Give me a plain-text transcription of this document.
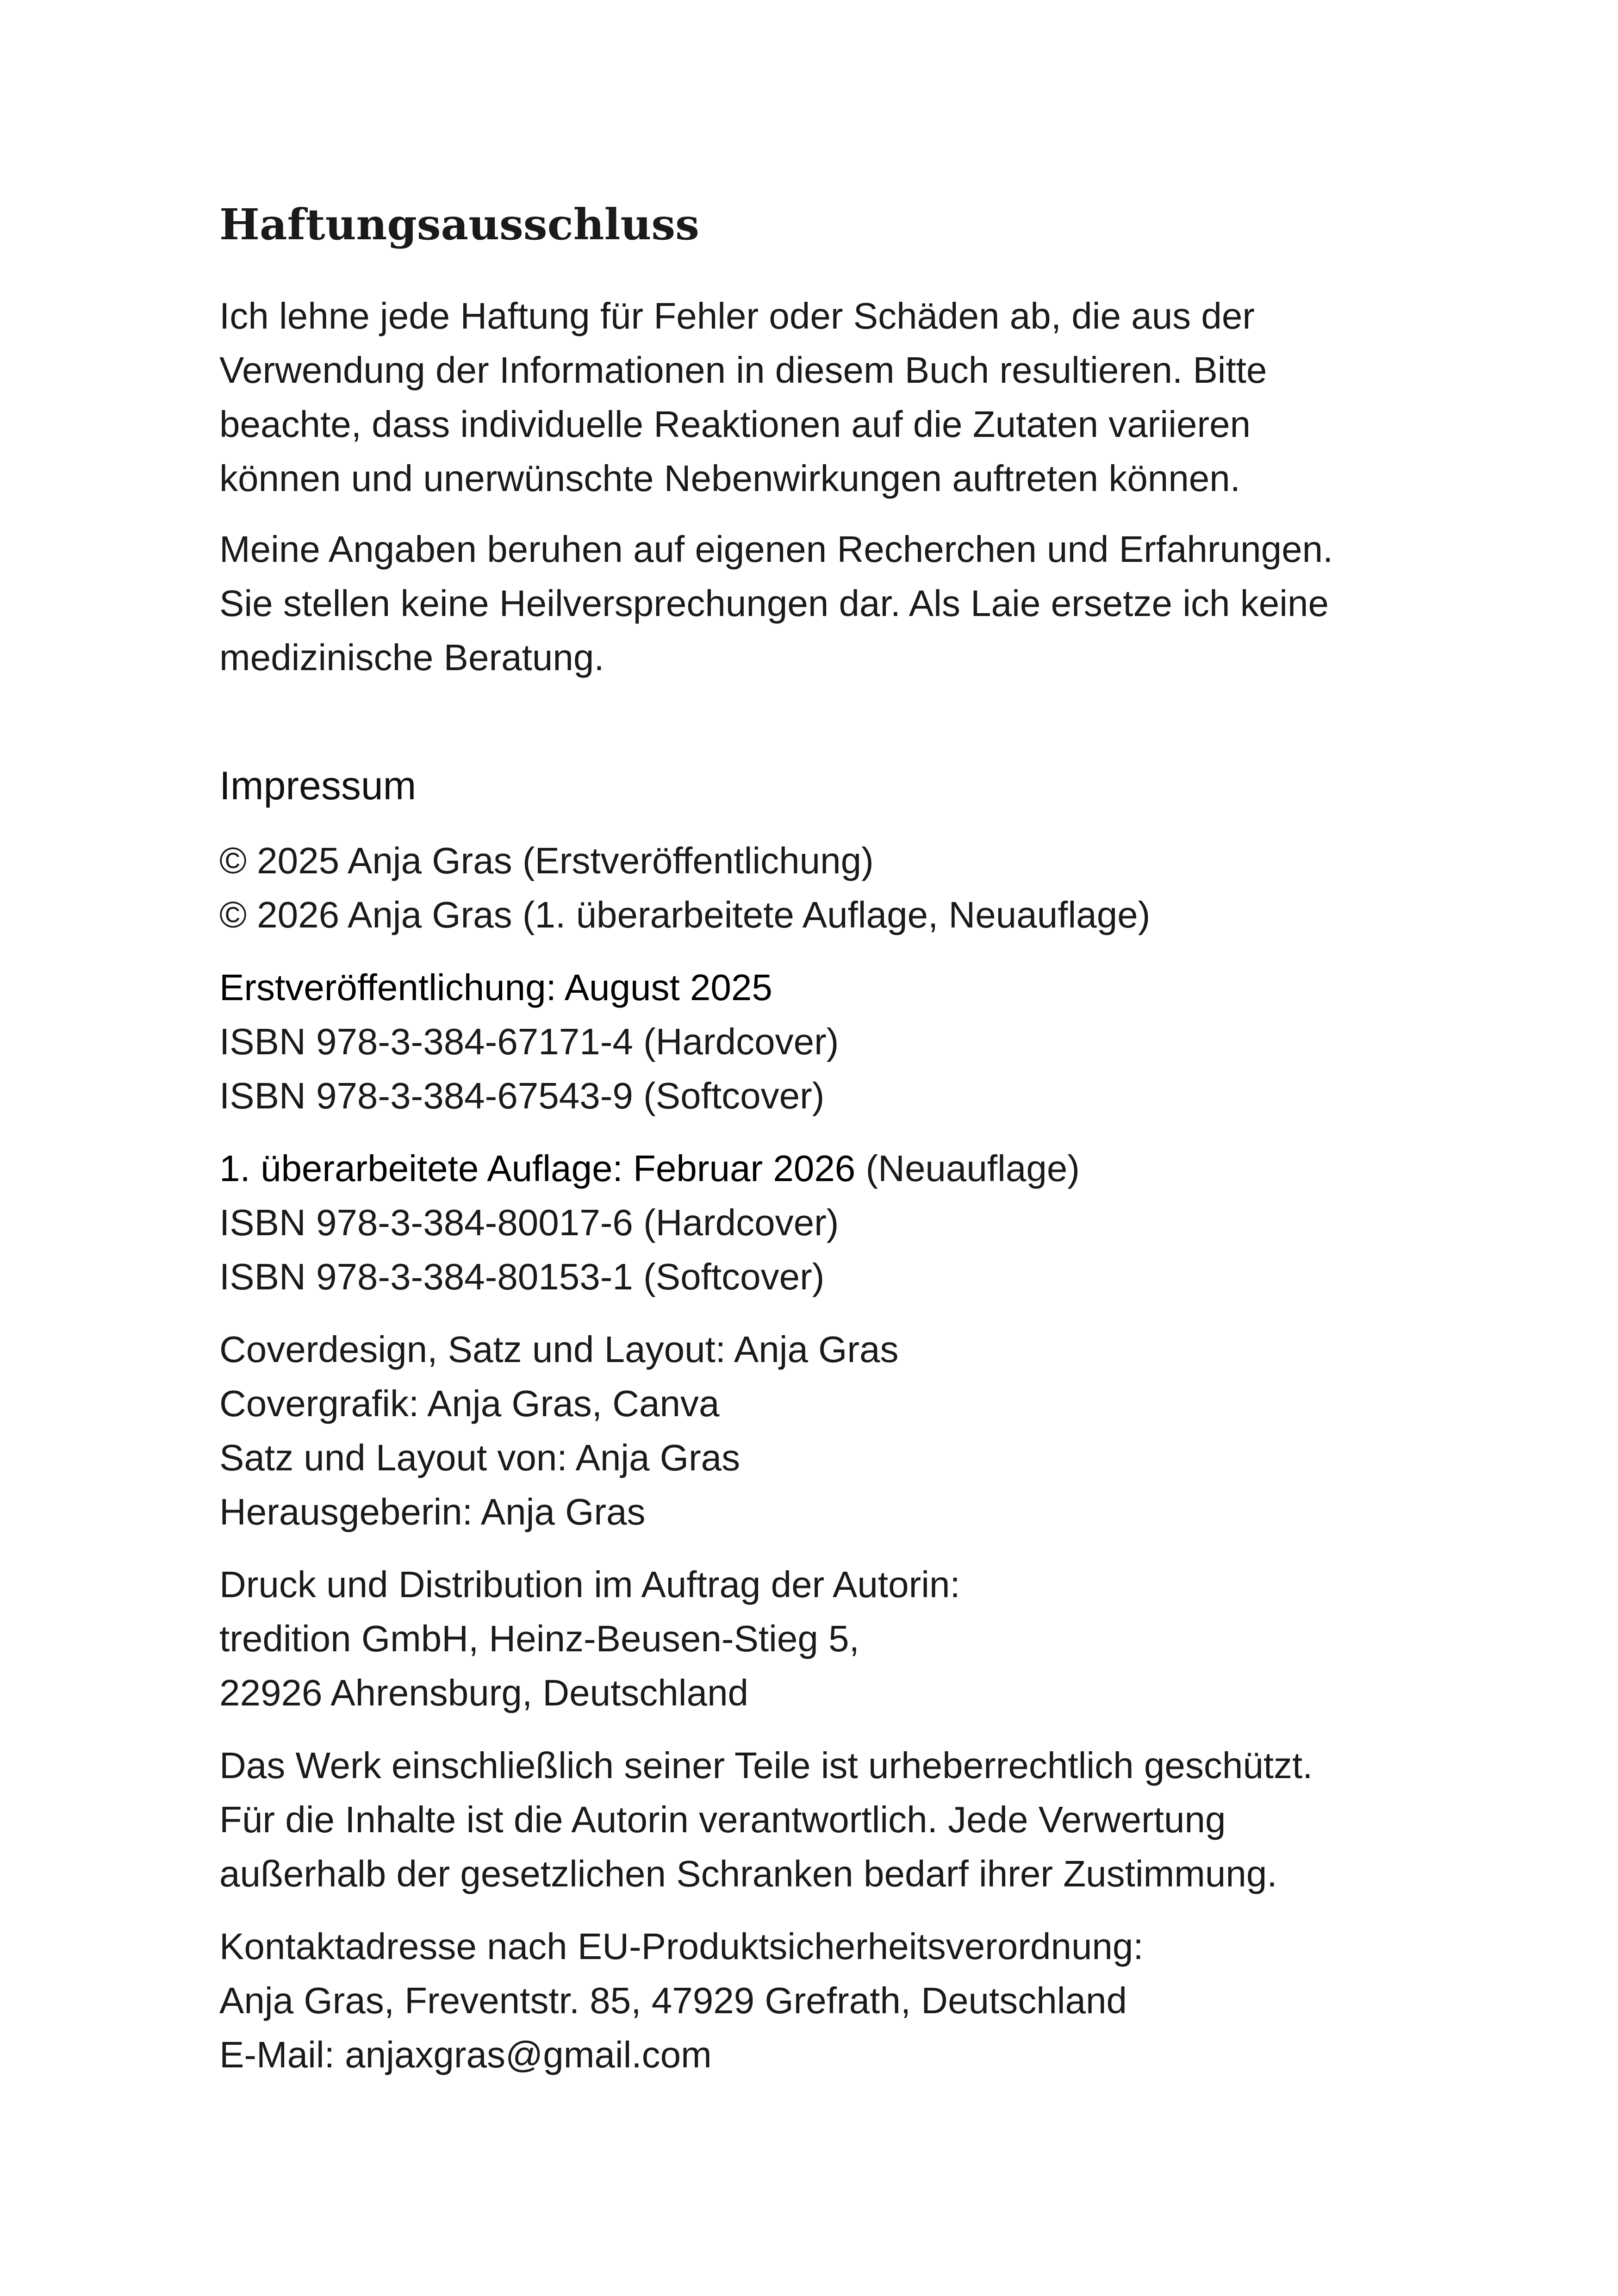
Haftungsausschluss

Ich lehne jede Haftung für Fehler oder Schäden ab, die aus der
Verwendung der Informationen in diesem Buch resultieren. Bitte
beachte, dass individuelle Reaktionen auf die Zutaten variieren
können und unerwünschte Nebenwirkungen auftreten können.

Meine Angaben beruhen auf eigenen Recherchen und Erfahrungen.
Sie stellen keine Heilversprechungen dar. Als Laie ersetze ich keine
medizinische Beratung.

Impressum

© 2025 Anja Gras (Erstveröffentlichung)
© 2026 Anja Gras (1. überarbeitete Auflage, Neuauflage)

Erstveröffentlichung: August 2025
ISBN 978-3-384-67171-4 (Hardcover)
ISBN 978-3-384-67543-9 (Softcover)

1. überarbeitete Auflage: Februar 2026 (Neuauflage)
ISBN 978-3-384-80017-6 (Hardcover)
ISBN 978-3-384-80153-1 (Softcover)

Coverdesign, Satz und Layout: Anja Gras
Covergrafik: Anja Gras, Canva
Satz und Layout von: Anja Gras
Herausgeberin: Anja Gras

Druck und Distribution im Auftrag der Autorin:
tredition GmbH, Heinz-Beusen-Stieg 5,
22926 Ahrensburg, Deutschland

Das Werk einschließlich seiner Teile ist urheberrechtlich geschützt.
Für die Inhalte ist die Autorin verantwortlich. Jede Verwertung
außerhalb der gesetzlichen Schranken bedarf ihrer Zustimmung.

Kontaktadresse nach EU-Produktsicherheitsverordnung:
Anja Gras, Freventstr. 85, 47929 Grefrath, Deutschland
E-Mail: anjaxgras@gmail.com
